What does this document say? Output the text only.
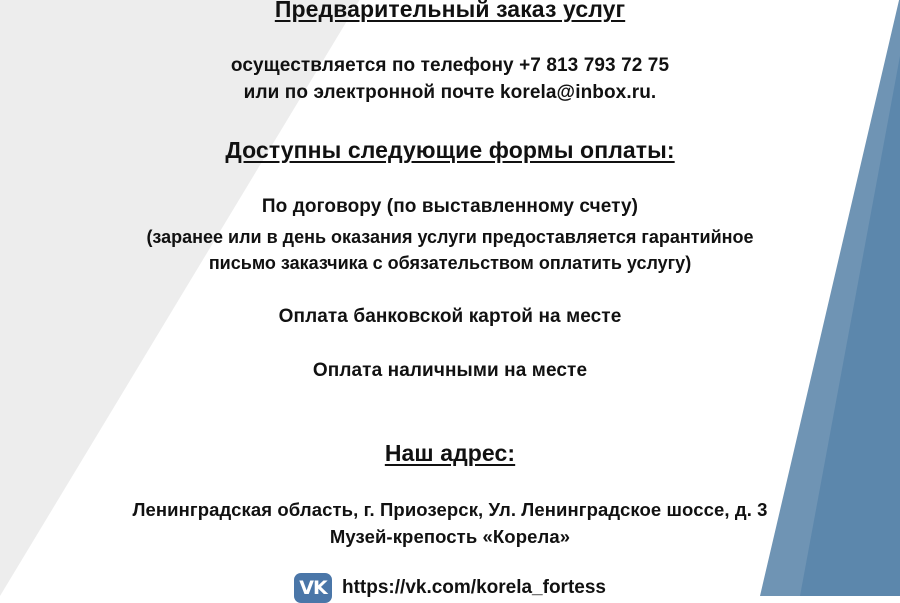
Предварительный заказ услуг
осуществляется по телефону +7 813 793 72 75
или по электронной почте korela@inbox.ru.
Доступны следующие формы оплаты:
По договору (по выставленному счету)
(заранее или в день оказания услуги предоставляется гарантийное
письмо заказчика с обязательством оплатить услугу)
Оплата банковской картой на месте
Оплата наличными на месте
Наш адрес:
Ленинградская область, г. Приозерск, Ул. Ленинградское шоссе, д. 3
Музей-крепость «Корела»
VK https://vk.com/korela_fortess
